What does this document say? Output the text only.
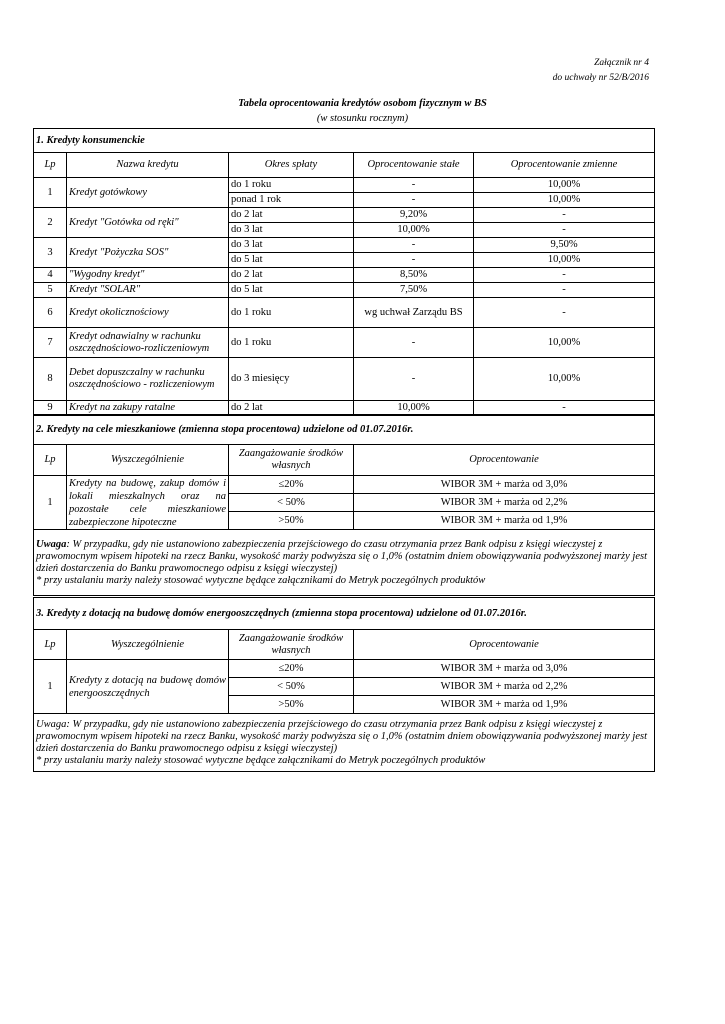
Załącznik nr 4
do uchwały nr 52/B/2016
Tabela oprocentowania kredytów osobom fizycznym w BS
(w stosunku rocznym)
1. Kredyty konsumenckie				
Lp	Nazwa kredytu	Okres spłaty	Oprocentowanie stałe	Oprocentowanie zmienne
1	Kredyt gotówkowy	do 1 roku	-	10,00%
		ponad 1 rok	-	10,00%
2	Kredyt "Gotówka od ręki"	do 2 lat	9,20%	-
		do 3 lat	10,00%	-
3	Kredyt "Pożyczka SOS"	do 3 lat	-	9,50%
		do 5 lat	-	10,00%
4	"Wygodny kredyt"	do 2 lat	8,50%	-
5	Kredyt "SOLAR"	do 5 lat	7,50%	-
6	Kredyt okolicznościowy	do 1 roku	wg uchwał Zarządu BS	-
7	Kredyt odnawialny w rachunku oszczędnościowo-rozliczeniowym	do 1 roku	-	10,00%
8	Debet dopuszczalny w rachunku oszczędnościowo - rozliczeniowym	do 3 miesięcy	-	10,00%
9	Kredyt na zakupy ratalne	do 2 lat	10,00%	-
2. Kredyty na cele mieszkaniowe (zmienna stopa procentowa) udzielone od 01.07.2016r.			
Lp	Wyszczególnienie	Zaangażowanie środków własnych	Oprocentowanie
1	Kredyty na budowę, zakup domów i lokali mieszkalnych oraz na pozostałe cele mieszkaniowe zabezpieczone hipoteczne	≤20%	WIBOR 3M + marża od 3,0%
		< 50%	WIBOR 3M + marża od 2,2%
		>50%	WIBOR 3M + marża od 1,9%
Uwaga: W przypadku, gdy nie ustanowiono zabezpieczenia przejściowego do czasu otrzymania przez Bank odpisu z księgi wieczystej z prawomocnym wpisem hipoteki na rzecz Banku, wysokość marży podwyższa się o 1,0% (ostatnim dniem obowiązywania podwyższonej marży jest dzień dostarczenia do Banku prawomocnego odpisu z księgi wieczystej)
* przy ustalaniu marży należy stosować wytyczne będące załącznikami do Metryk poczególnych produktów			
3. Kredyty z dotacją na budowę domów energooszczędnych (zmienna stopa procentowa) udzielone od 01.07.2016r.			
Lp	Wyszczególnienie	Zaangażowanie środków własnych	Oprocentowanie
1	Kredyty z dotacją na budowę domów energooszczędnych	≤20%	WIBOR 3M + marża od 3,0%
		< 50%	WIBOR 3M + marża od 2,2%
		>50%	WIBOR 3M + marża od 1,9%
Uwaga: W przypadku, gdy nie ustanowiono zabezpieczenia przejściowego do czasu otrzymania przez Bank odpisu z księgi wieczystej z prawomocnym wpisem hipoteki na rzecz Banku, wysokość marży podwyższa się o 1,0% (ostatnim dniem obowiązywania podwyższonej marży jest dzień dostarczenia do Banku prawomocnego odpisu z księgi wieczystej)
* przy ustalaniu marży należy stosować wytyczne będące załącznikami do Metryk poczególnych produktów			
